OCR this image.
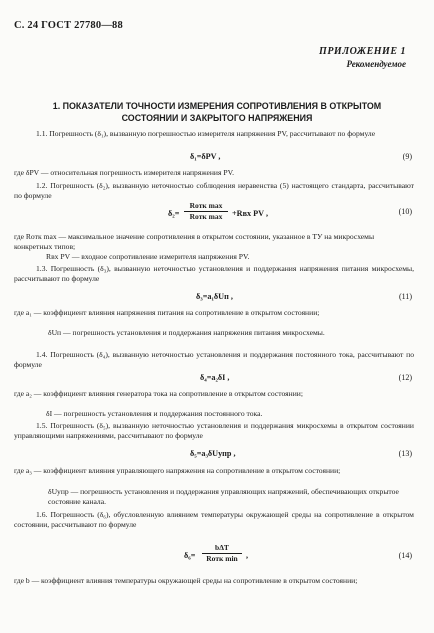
С. 24 ГОСТ 27780—88
ПРИЛОЖЕНИЕ 1
Рекомендуемое
1. ПОКАЗАТЕЛИ ТОЧНОСТИ ИЗМЕРЕНИЯ СОПРОТИВЛЕНИЯ В ОТКРЫТОМ СОСТОЯНИИ И ЗАКРЫТОГО НАПРЯЖЕНИЯ
1.1. Погрешность (δ₁), вызванную погрешностью измерителя напряжения PV, рассчитывают по формуле
δ₁=δPV ,	(9)
где δPV — относительная погрешность измерителя напряжения PV.
1.2. Погрешность (δ₂), вызванную неточностью соблюдения неравенства (5) настоящего стандарта, рассчитывают по формуле
δ₂=
Rотк max
Rотк max	+Rвх PV ,	(10)
где Rотк max — максимальное значение сопротивления в открытом состоянии, указанное в ТУ на микросхемы конкретных типов;
Rвх PV — входное сопротивление измерителя напряжения PV.
1.3. Погрешность (δ₃), вызванную неточностью установления и поддержания напряжения питания микросхемы, рассчитывают по формуле
δ₃=a₁δUп ,	(11)
где a₁ — коэффициент влияния напряжения питания на сопротивление в открытом состоянии;
δUп — погрешность установления и поддержания напряжения питания микросхемы.
1.4. Погрешность (δ₄), вызванную неточностью установления и поддержания постоянного тока, рассчитывают по формуле
δ₄=a₂δI ,	(12)
где a₂ — коэффициент влияния генератора тока на сопротивление в открытом состоянии;
δI — погрешность установления и поддержания постоянного тока.
1.5. Погрешность (δ₅), вызванную неточностью установления и поддержания микросхемы в открытом состоянии управляющими напряжениями, рассчитывают по формуле
δ₅=a₃δUупр ,	(13)
где a₃ — коэффициент влияния управляющего напряжения на сопротивление в открытом состоянии;
δUупр — погрешность установления и поддержания управляющих напряжений, обеспечивающих открытое состояние канала.
1.6. Погрешность (δ₆), обусловленную влиянием температуры окружающей среды на сопротивление в открытом состоянии, рассчитывают по формуле
δ₆=
bΔT
Rотк min	,	(14)
где b — коэффициент влияния температуры окружающей среды на сопротивление в открытом состоянии;
